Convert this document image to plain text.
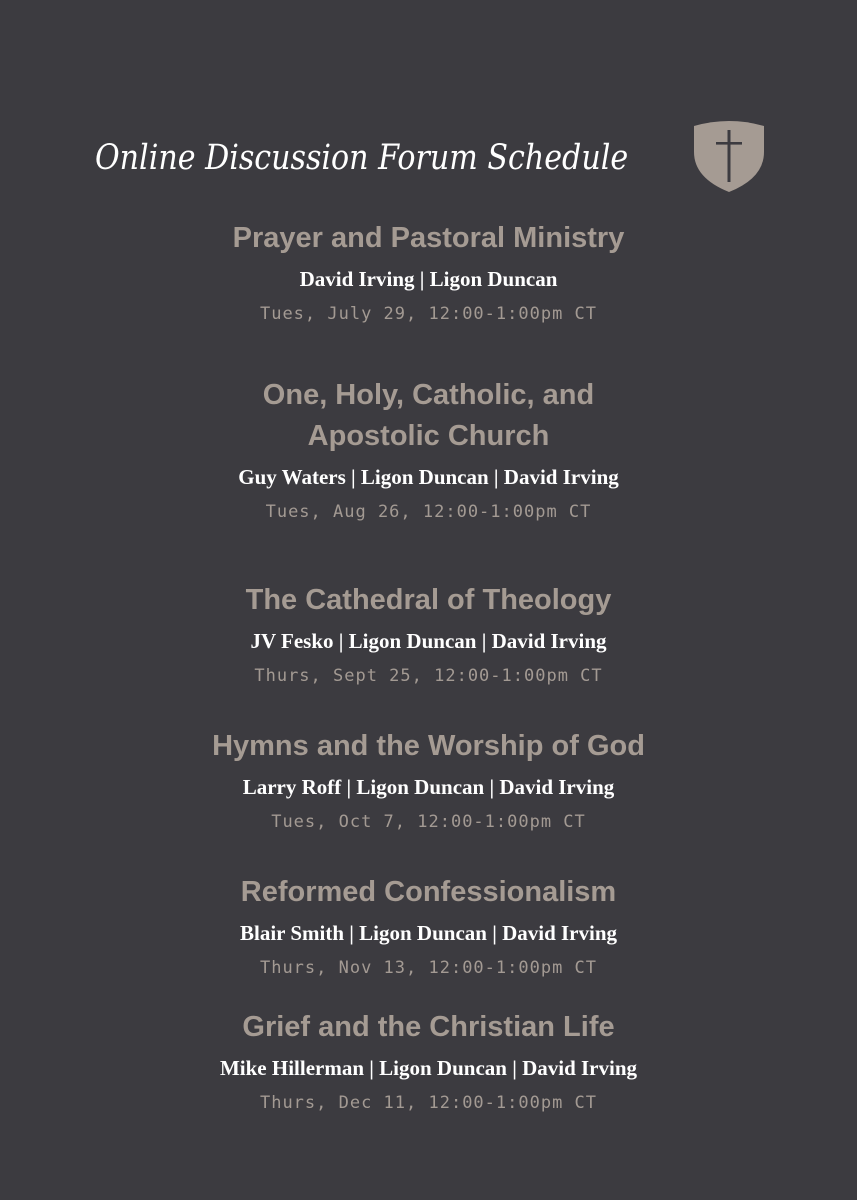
Online Discussion Forum Schedule
Prayer and Pastoral Ministry
David Irving | Ligon Duncan
Tues, July 29, 12:00-1:00pm CT
One, Holy, Catholic, and
Apostolic Church
Guy Waters | Ligon Duncan | David Irving
Tues, Aug 26, 12:00-1:00pm CT
The Cathedral of Theology
JV Fesko | Ligon Duncan | David Irving
Thurs, Sept 25, 12:00-1:00pm CT
Hymns and the Worship of God
Larry Roff | Ligon Duncan | David Irving
Tues, Oct 7, 12:00-1:00pm CT
Reformed Confessionalism
Blair Smith | Ligon Duncan | David Irving
Thurs, Nov 13, 12:00-1:00pm CT
Grief and the Christian Life
Mike Hillerman | Ligon Duncan | David Irving
Thurs, Dec 11, 12:00-1:00pm CT
